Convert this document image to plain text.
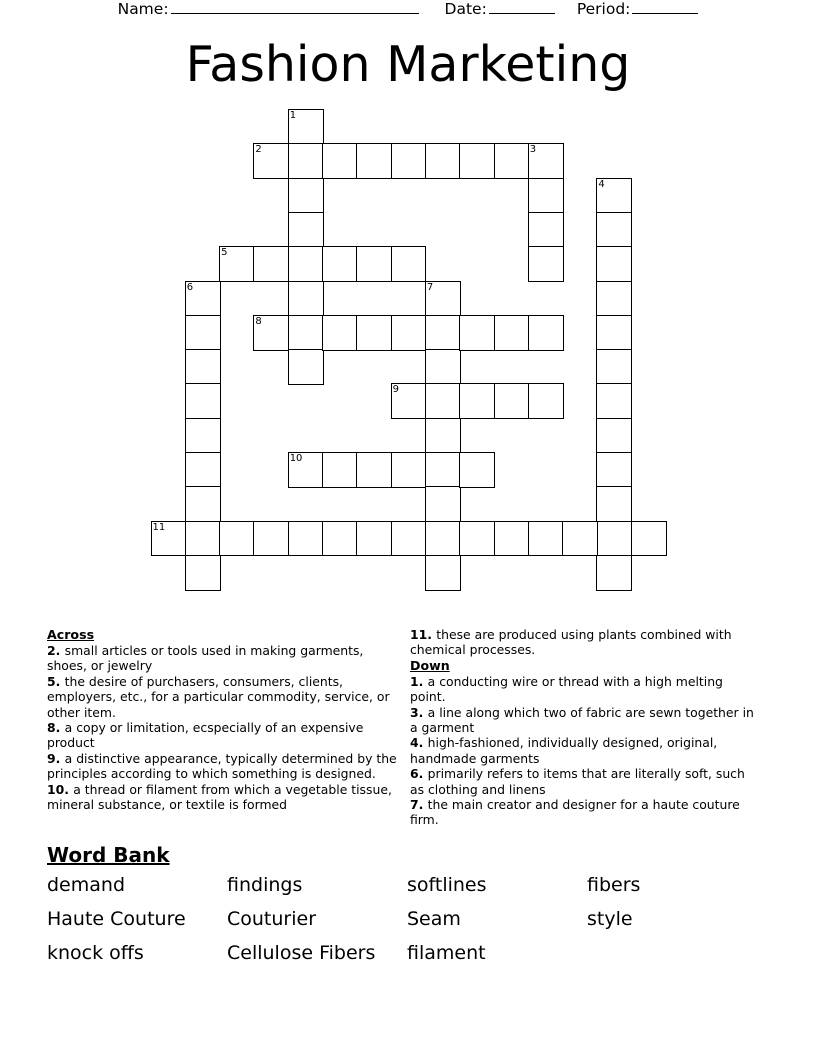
Name:	Date:	Period:
Fashion Marketing
1
2	3
4
5
6	7
8
9
10
11
Across
2. small articles or tools used in making garments, shoes, or jewelry
5. the desire of purchasers, consumers, clients, employers, etc., for a particular commodity, service, or other item.
8. a copy or limitation, ecspecially of an expensive product
9. a distinctive appearance, typically determined by the principles according to which something is designed.
10. a thread or filament from which a vegetable tissue, mineral substance, or textile is formed
11. these are produced using plants combined with chemical processes.
Down
1. a conducting wire or thread with a high melting point.
3. a line along which two of fabric are sewn together in a garment
4. high-fashioned, individually designed, original, handmade garments
6. primarily refers to items that are literally soft, such as clothing and linens
7. the main creator and designer for a haute couture firm.
Word Bank
demand	findings	softlines	fibers
Haute Couture	Couturier	Seam	style
knock offs	Cellulose Fibers	filament
